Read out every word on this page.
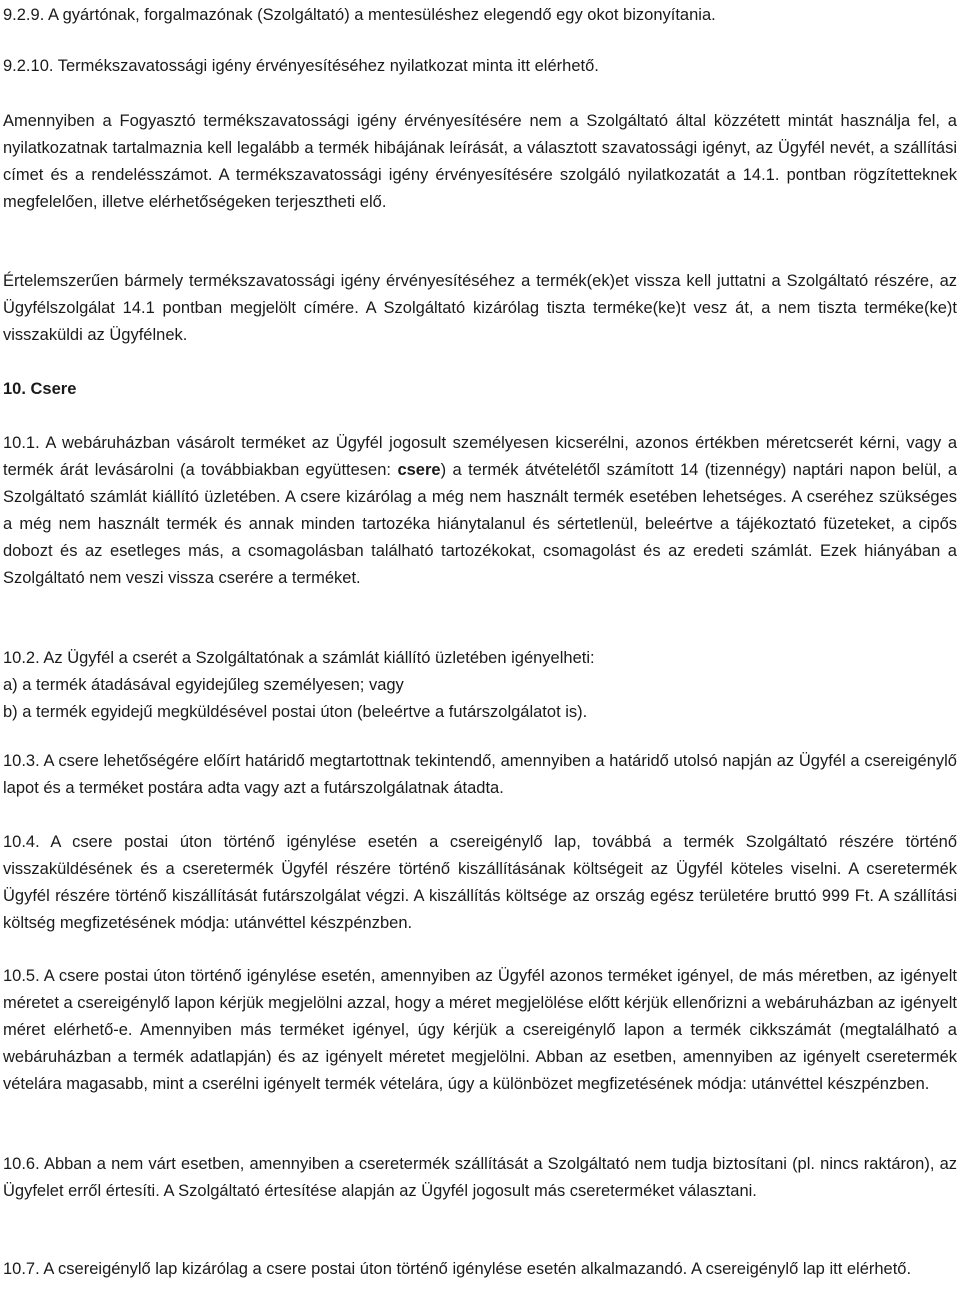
9.2.9. A gyártónak, forgalmazónak (Szolgáltató) a mentesüléshez elegendő egy okot bizonyítania.

9.2.10. Termékszavatossági igény érvényesítéséhez nyilatkozat minta itt elérhető.

Amennyiben a Fogyasztó termékszavatossági igény érvényesítésére nem a Szolgáltató által közzétett mintát használja fel, a nyilatkozatnak tartalmaznia kell legalább a termék hibájának leírását, a választott szavatossági igényt, az Ügyfél nevét, a szállítási címet és a rendelésszámot. A termékszavatossági igény érvényesítésére szolgáló nyilatkozatát a 14.1. pontban rögzítetteknek megfelelően, illetve elérhetőségeken terjesztheti elő.

Értelemszerűen bármely termékszavatossági igény érvényesítéséhez a termék(ek)et vissza kell juttatni a Szolgáltató részére, az Ügyfélszolgálat 14.1 pontban megjelölt címére. A Szolgáltató kizárólag tiszta terméke(ke)t vesz át, a nem tiszta terméke(ke)t visszaküldi az Ügyfélnek.

10. Csere

10.1. A webáruházban vásárolt terméket az Ügyfél jogosult személyesen kicserélni, azonos értékben méretcserét kérni, vagy a termék árát levásárolni (a továbbiakban együttesen: csere) a termék átvételétől számított 14 (tizennégy) naptári napon belül, a Szolgáltató számlát kiállító üzletében. A csere kizárólag a még nem használt termék esetében lehetséges. A cseréhez szükséges a még nem használt termék és annak minden tartozéka hiánytalanul és sértetlenül, beleértve a tájékoztató füzeteket, a cipős dobozt és az esetleges más, a csomagolásban található tartozékokat, csomagolást és az eredeti számlát. Ezek hiányában a Szolgáltató nem veszi vissza cserére a terméket.

10.2. Az Ügyfél a cserét a Szolgáltatónak a számlát kiállító üzletében igényelheti:

a) a termék átadásával egyidejűleg személyesen; vagy

b) a termék egyidejű megküldésével postai úton (beleértve a futárszolgálatot is).

10.3. A csere lehetőségére előírt határidő megtartottnak tekintendő, amennyiben a határidő utolsó napján az Ügyfél a csereigénylő lapot és a terméket postára adta vagy azt a futárszolgálatnak átadta.

10.4. A csere postai úton történő igénylése esetén a csereigénylő lap, továbbá a termék Szolgáltató részére történő visszaküldésének és a cseretermék Ügyfél részére történő kiszállításának költségeit az Ügyfél köteles viselni. A cseretermék Ügyfél részére történő kiszállítását futárszolgálat végzi. A kiszállítás költsége az ország egész területére bruttó 999 Ft. A szállítási költség megfizetésének módja: utánvéttel készpénzben.

10.5. A csere postai úton történő igénylése esetén, amennyiben az Ügyfél azonos terméket igényel, de más méretben, az igényelt méretet a csereigénylő lapon kérjük megjelölni azzal, hogy a méret megjelölése előtt kérjük ellenőrizni a webáruházban az igényelt méret elérhető-e. Amennyiben más terméket igényel, úgy kérjük a csereigénylő lapon a termék cikkszámát (megtalálható a webáruházban a termék adatlapján) és az igényelt méretet megjelölni. Abban az esetben, amennyiben az igényelt cseretermék vételára magasabb, mint a cserélni igényelt termék vételára, úgy a különbözet megfizetésének módja: utánvéttel készpénzben.

10.6. Abban a nem várt esetben, amennyiben a cseretermék szállítását a Szolgáltató nem tudja biztosítani (pl. nincs raktáron), az Ügyfelet erről értesíti. A Szolgáltató értesítése alapján az Ügyfél jogosult más csereterméket választani.

10.7. A csereigénylő lap kizárólag a csere postai úton történő igénylése esetén alkalmazandó. A csereigénylő lap itt elérhető.
